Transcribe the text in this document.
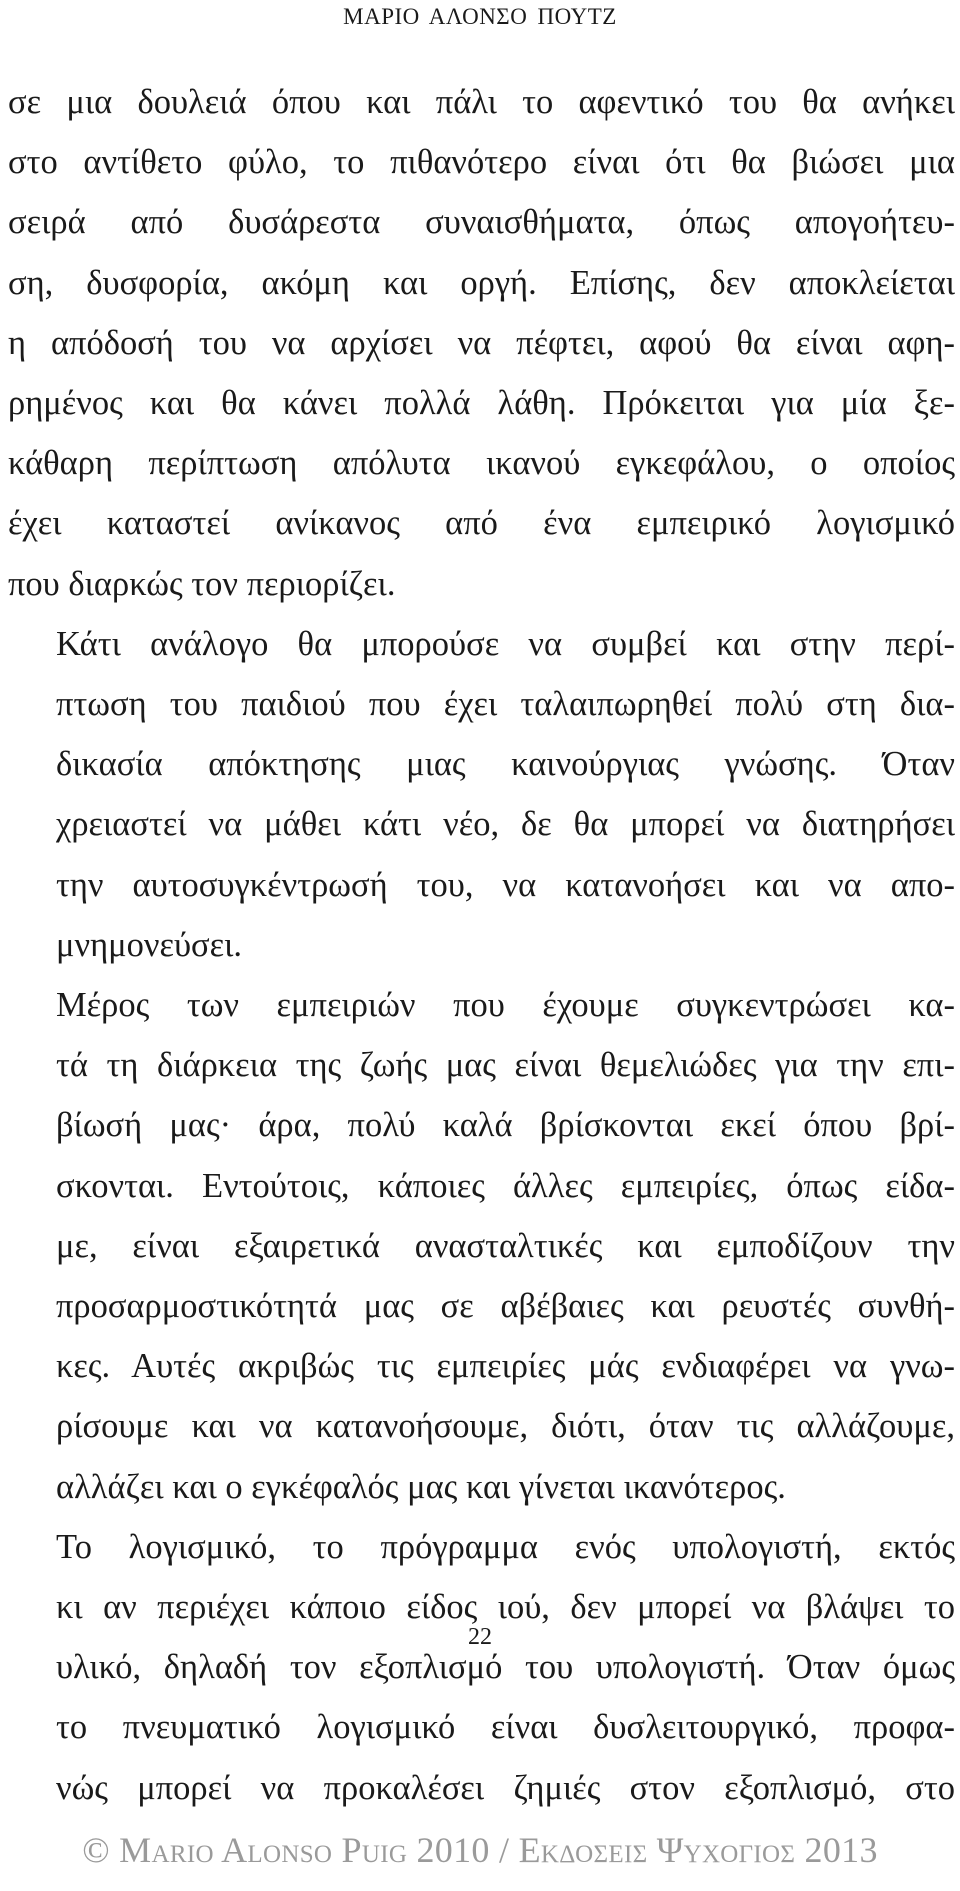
ΜΑΡΙΟ ΑΛΟΝΣΟ ΠΟΥΤΖ

σε μια δουλειά όπου και πάλι το αφεντικό του θα ανήκει
στο αντίθετο φύλο, το πιθανότερο είναι ότι θα βιώσει μια
σειρά από δυσάρεστα συναισθήματα, όπως απογοήτευ-
ση, δυσφορία, ακόμη και οργή. Επίσης, δεν αποκλείεται
η απόδοσή του να αρχίσει να πέφτει, αφού θα είναι αφη-
ρημένος και θα κάνει πολλά λάθη. Πρόκειται για μία ξε-
κάθαρη περίπτωση απόλυτα ικανού εγκεφάλου, ο οποίος
έχει καταστεί ανίκανος από ένα εμπειρικό λογισμικό
που διαρκώς τον περιορίζει.

Κάτι ανάλογο θα μπορούσε να συμβεί και στην περί-
πτωση του παιδιού που έχει ταλαιπωρηθεί πολύ στη δια-
δικασία απόκτησης μιας καινούργιας γνώσης. Όταν
χρειαστεί να μάθει κάτι νέο, δε θα μπορεί να διατηρήσει
την αυτοσυγκέντρωσή του, να κατανοήσει και να απο-
μνημονεύσει.

Μέρος των εμπειριών που έχουμε συγκεντρώσει κα-
τά τη διάρκεια της ζωής μας είναι θεμελιώδες για την επι-
βίωσή μας· άρα, πολύ καλά βρίσκονται εκεί όπου βρί-
σκονται. Εντούτοις, κάποιες άλλες εμπειρίες, όπως είδα-
με, είναι εξαιρετικά ανασταλτικές και εμποδίζουν την
προσαρμοστικότητά μας σε αβέβαιες και ρευστές συνθή-
κες. Αυτές ακριβώς τις εμπειρίες μάς ενδιαφέρει να γνω-
ρίσουμε και να κατανοήσουμε, διότι, όταν τις αλλάζουμε,
αλλάζει και ο εγκέφαλός μας και γίνεται ικανότερος.

Το λογισμικό, το πρόγραμμα ενός υπολογιστή, εκτός
κι αν περιέχει κάποιο είδος ιού, δεν μπορεί να βλάψει το
υλικό, δηλαδή τον εξοπλισμό του υπολογιστή. Όταν όμως
το πνευματικό λογισμικό είναι δυσλειτουργικό, προφα-
νώς μπορεί να προκαλέσει ζημιές στον εξοπλισμό, στο

22
© Mario Alonso Puig 2010 / Εκδοσεισ Ψυχογιοσ 2013
